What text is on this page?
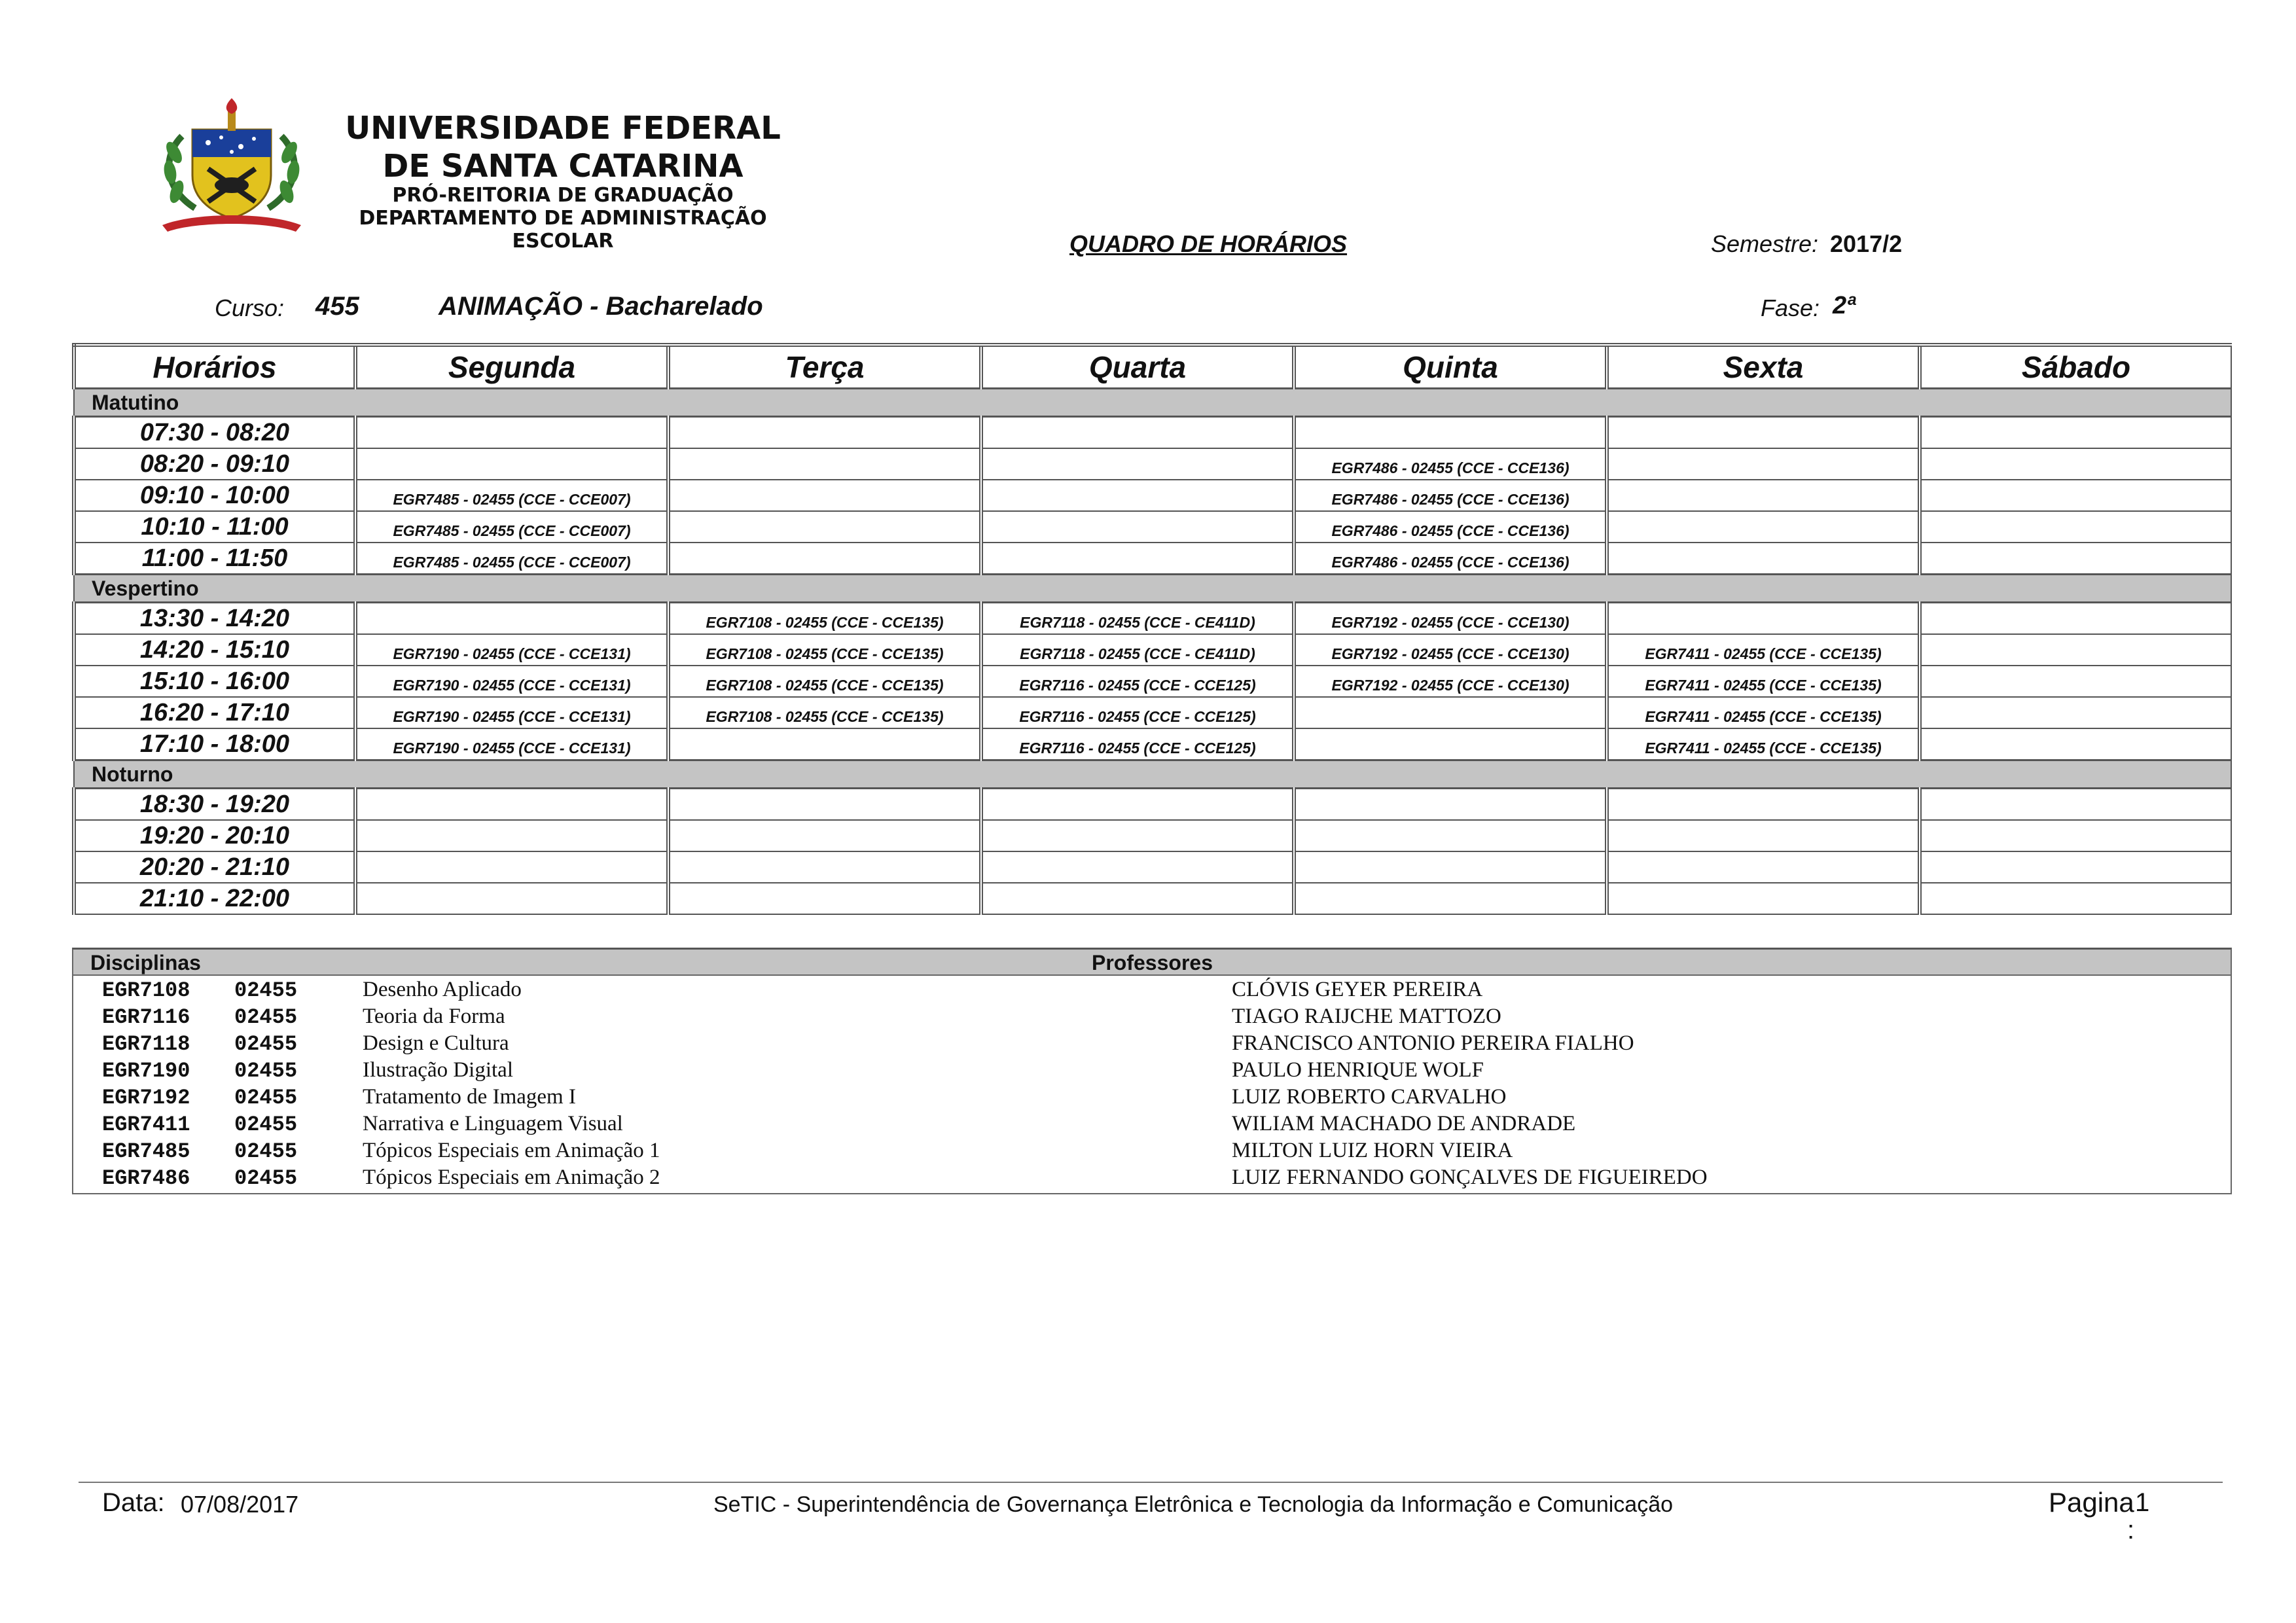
UNIVERSIDADE FEDERAL
DE SANTA CATARINA
PRÓ-REITORIA DE GRADUAÇÃO
DEPARTAMENTO DE ADMINISTRAÇÃO ESCOLAR	QUADRO DE HORÁRIOS	Semestre: 2017/2
Curso: 455	ANIMAÇÃO - Bacharelado	Fase: 2ª
Horários	Segunda	Terça	Quarta	Quinta	Sexta	Sábado
Matutino						
07:30 - 08:20						
08:20 - 09:10				EGR7486 - 02455 (CCE - CCE136)		
09:10 - 10:00	EGR7485 - 02455 (CCE - CCE007)			EGR7486 - 02455 (CCE - CCE136)		
10:10 - 11:00	EGR7485 - 02455 (CCE - CCE007)			EGR7486 - 02455 (CCE - CCE136)		
11:00 - 11:50	EGR7485 - 02455 (CCE - CCE007)			EGR7486 - 02455 (CCE - CCE136)		
Vespertino						
13:30 - 14:20		EGR7108 - 02455 (CCE - CCE135)	EGR7118 - 02455 (CCE - CE411D)	EGR7192 - 02455 (CCE - CCE130)		
14:20 - 15:10	EGR7190 - 02455 (CCE - CCE131)	EGR7108 - 02455 (CCE - CCE135)	EGR7118 - 02455 (CCE - CE411D)	EGR7192 - 02455 (CCE - CCE130)	EGR7411 - 02455 (CCE - CCE135)	
15:10 - 16:00	EGR7190 - 02455 (CCE - CCE131)	EGR7108 - 02455 (CCE - CCE135)	EGR7116 - 02455 (CCE - CCE125)	EGR7192 - 02455 (CCE - CCE130)	EGR7411 - 02455 (CCE - CCE135)	
16:20 - 17:10	EGR7190 - 02455 (CCE - CCE131)	EGR7108 - 02455 (CCE - CCE135)	EGR7116 - 02455 (CCE - CCE125)		EGR7411 - 02455 (CCE - CCE135)	
17:10 - 18:00	EGR7190 - 02455 (CCE - CCE131)		EGR7116 - 02455 (CCE - CCE125)		EGR7411 - 02455 (CCE - CCE135)	
Noturno						
18:30 - 19:20						
19:20 - 20:10						
20:20 - 21:10						
21:10 - 22:00						
Disciplinas	Professores
EGR7108 02455	Desenho Aplicado	CLÓVIS GEYER PEREIRA
EGR7116 02455	Teoria da Forma	TIAGO RAIJCHE MATTOZO
EGR7118 02455	Design e Cultura	FRANCISCO ANTONIO PEREIRA FIALHO
EGR7190 02455	Ilustração Digital	PAULO HENRIQUE WOLF
EGR7192 02455	Tratamento de Imagem I	LUIZ ROBERTO CARVALHO
EGR7411 02455	Narrativa e Linguagem Visual	WILIAM MACHADO DE ANDRADE
EGR7485 02455	Tópicos Especiais em Animação 1	MILTON LUIZ HORN VIEIRA
EGR7486 02455	Tópicos Especiais em Animação 2	LUIZ FERNANDO GONÇALVES DE FIGUEIREDO
Data: 07/08/2017	SeTIC - Superintendência de Governança Eletrônica e Tecnologia da Informação e Comunicação	Pagina 1
:
